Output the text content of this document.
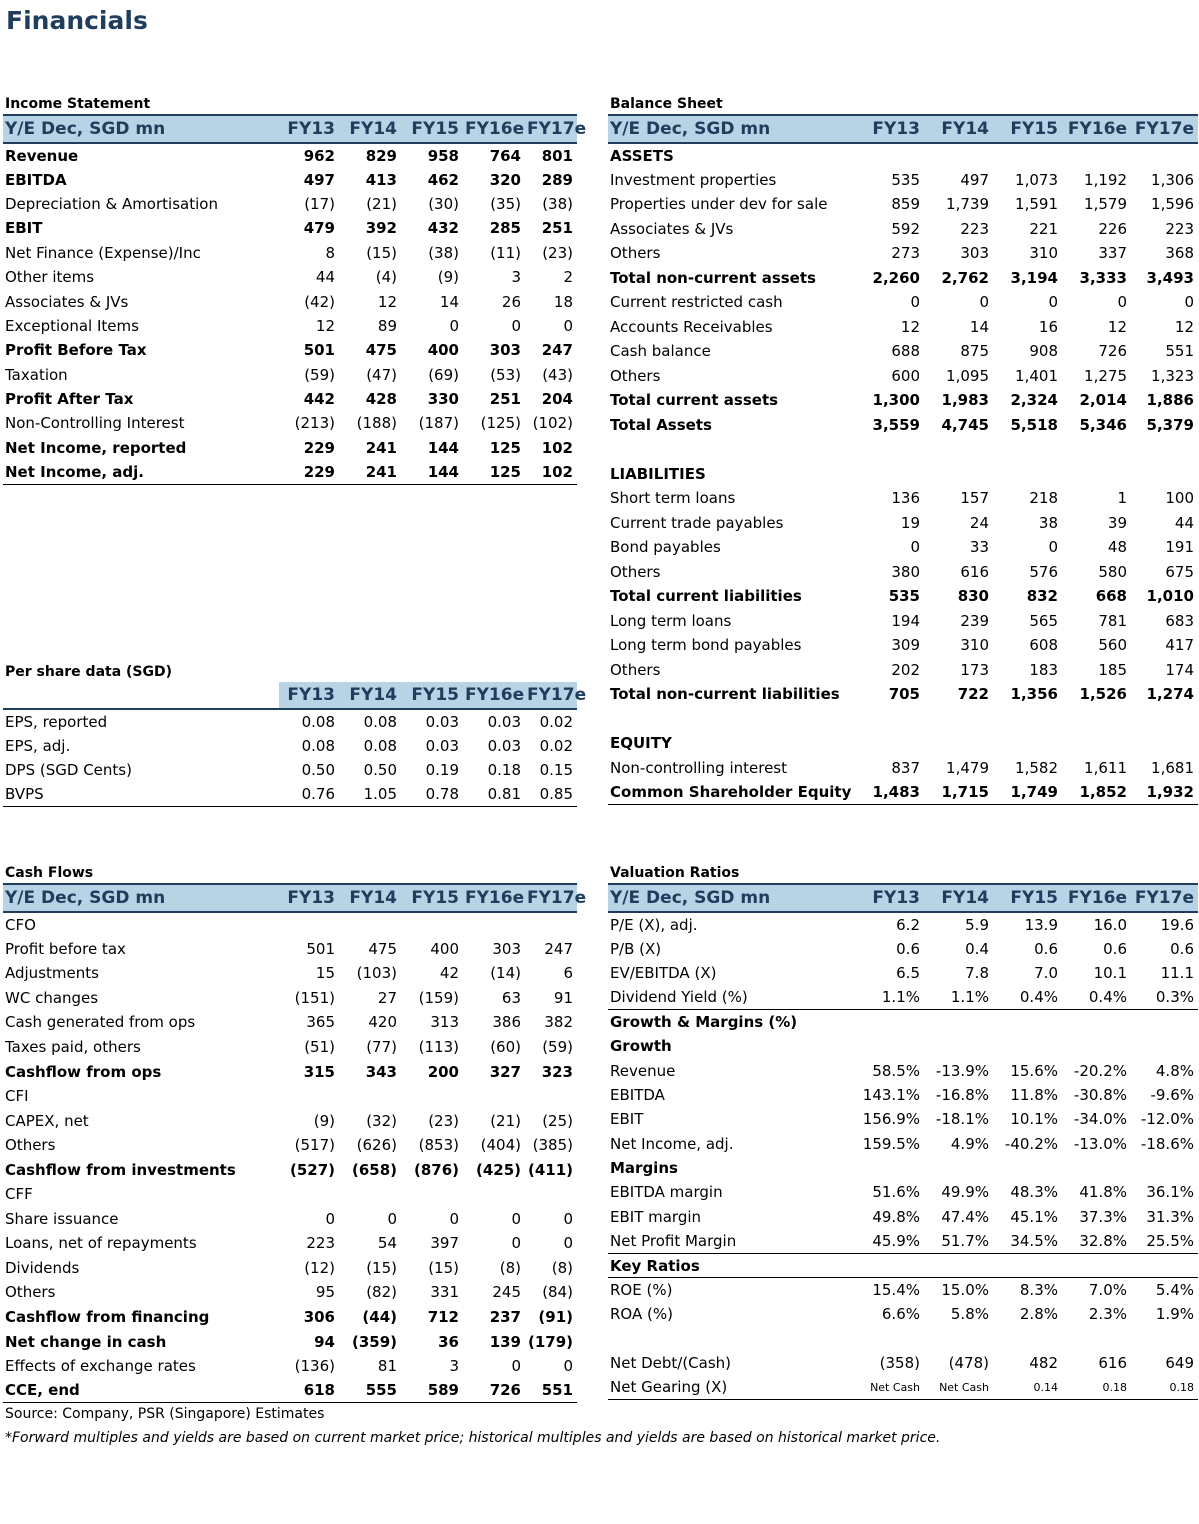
Financials
Income Statement
Y/E Dec, SGD mn	FY13	FY14	FY15	FY16e	FY17e
Revenue	962	829	958	764	801
EBITDA	497	413	462	320	289
Depreciation & Amortisation	(17)	(21)	(30)	(35)	(38)
EBIT	479	392	432	285	251
Net Finance (Expense)/Inc	8	(15)	(38)	(11)	(23)
Other items	44	(4)	(9)	3	2
Associates & JVs	(42)	12	14	26	18
Exceptional Items	12	89	0	0	0
Profit Before Tax	501	475	400	303	247
Taxation	(59)	(47)	(69)	(53)	(43)
Profit After Tax	442	428	330	251	204
Non-Controlling Interest	(213)	(188)	(187)	(125)	(102)
Net Income, reported	229	241	144	125	102
Net Income, adj.	229	241	144	125	102
Per share data (SGD)
	FY13	FY14	FY15	FY16e	FY17e
EPS, reported	0.08	0.08	0.03	0.03	0.02
EPS, adj.	0.08	0.08	0.03	0.03	0.02
DPS (SGD Cents)	0.50	0.50	0.19	0.18	0.15
BVPS	0.76	1.05	0.78	0.81	0.85
Cash Flows
Y/E Dec, SGD mn	FY13	FY14	FY15	FY16e	FY17e
CFO					
Profit before tax	501	475	400	303	247
Adjustments	15	(103)	42	(14)	6
WC changes	(151)	27	(159)	63	91
Cash generated from ops	365	420	313	386	382
Taxes paid, others	(51)	(77)	(113)	(60)	(59)
Cashflow from ops	315	343	200	327	323
CFI					
CAPEX, net	(9)	(32)	(23)	(21)	(25)
Others	(517)	(626)	(853)	(404)	(385)
Cashflow from investments	(527)	(658)	(876)	(425)	(411)
CFF					
Share issuance	0	0	0	0	0
Loans, net of repayments	223	54	397	0	0
Dividends	(12)	(15)	(15)	(8)	(8)
Others	95	(82)	331	245	(84)
Cashflow from financing	306	(44)	712	237	(91)
Net change in cash	94	(359)	36	139	(179)
Effects of exchange rates	(136)	81	3	0	0
CCE, end	618	555	589	726	551
Balance Sheet
Y/E Dec, SGD mn	FY13	FY14	FY15	FY16e	FY17e
ASSETS					
Investment properties	535	497	1,073	1,192	1,306
Properties under dev for sale	859	1,739	1,591	1,579	1,596
Associates & JVs	592	223	221	226	223
Others	273	303	310	337	368
Total non-current assets	2,260	2,762	3,194	3,333	3,493
Current restricted cash	0	0	0	0	0
Accounts Receivables	12	14	16	12	12
Cash balance	688	875	908	726	551
Others	600	1,095	1,401	1,275	1,323
Total current assets	1,300	1,983	2,324	2,014	1,886
Total Assets	3,559	4,745	5,518	5,346	5,379

LIABILITIES					
Short term loans	136	157	218	1	100
Current trade payables	19	24	38	39	44
Bond payables	0	33	0	48	191
Others	380	616	576	580	675
Total current liabilities	535	830	832	668	1,010
Long term loans	194	239	565	781	683
Long term bond payables	309	310	608	560	417
Others	202	173	183	185	174
Total non-current liabilities	705	722	1,356	1,526	1,274

EQUITY					
Non-controlling interest	837	1,479	1,582	1,611	1,681
Common Shareholder Equity	1,483	1,715	1,749	1,852	1,932
Valuation Ratios
Y/E Dec, SGD mn	FY13	FY14	FY15	FY16e	FY17e
P/E (X), adj.	6.2	5.9	13.9	16.0	19.6
P/B (X)	0.6	0.4	0.6	0.6	0.6
EV/EBITDA (X)	6.5	7.8	7.0	10.1	11.1
Dividend Yield (%)	1.1%	1.1%	0.4%	0.4%	0.3%
Growth & Margins (%)					
Growth					
Revenue	58.5%	-13.9%	15.6%	-20.2%	4.8%
EBITDA	143.1%	-16.8%	11.8%	-30.8%	-9.6%
EBIT	156.9%	-18.1%	10.1%	-34.0%	-12.0%
Net Income, adj.	159.5%	4.9%	-40.2%	-13.0%	-18.6%
Margins					
EBITDA margin	51.6%	49.9%	48.3%	41.8%	36.1%
EBIT margin	49.8%	47.4%	45.1%	37.3%	31.3%
Net Profit Margin	45.9%	51.7%	34.5%	32.8%	25.5%
Key Ratios					
ROE (%)	15.4%	15.0%	8.3%	7.0%	5.4%
ROA (%)	6.6%	5.8%	2.8%	2.3%	1.9%

Net Debt/(Cash)	(358)	(478)	482	616	649
Net Gearing (X)	Net Cash	Net Cash	0.14	0.18	0.18
Source: Company, PSR (Singapore) Estimates
*Forward multiples and yields are based on current market price; historical multiples and yields are based on historical market price.
